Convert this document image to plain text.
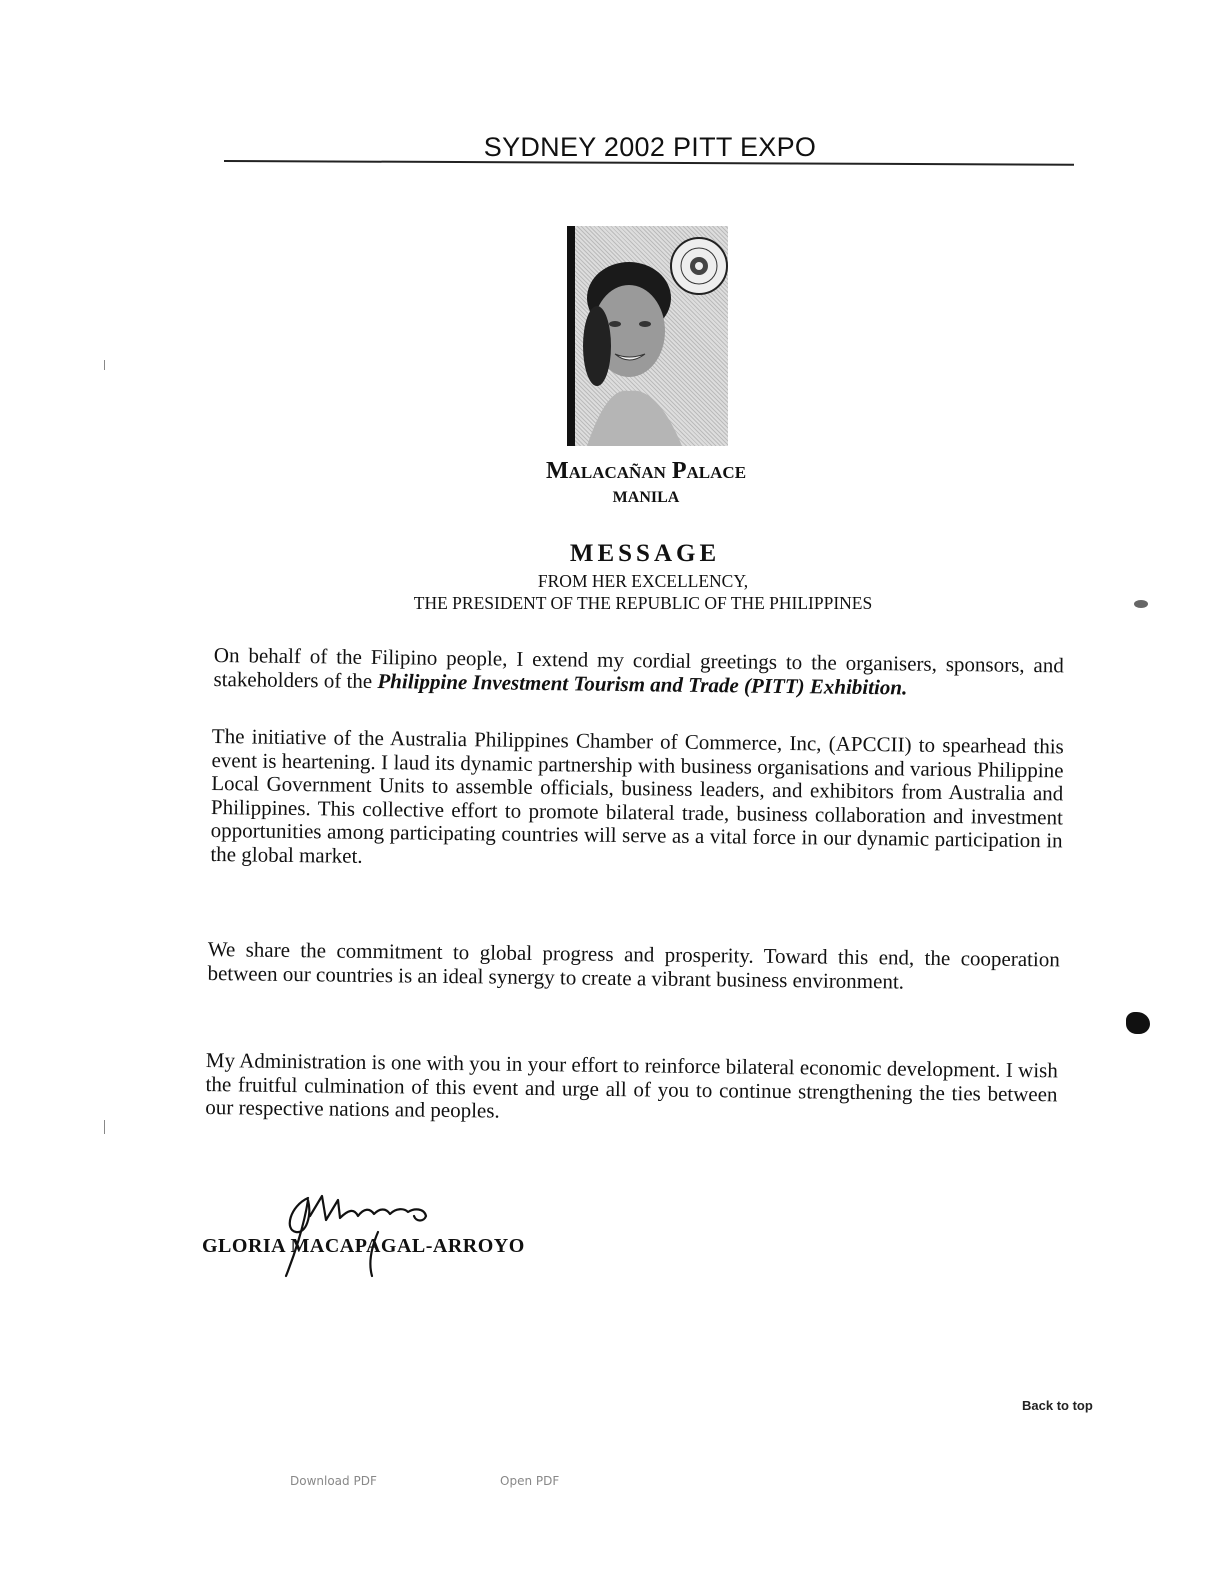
SYDNEY 2002 PITT EXPO
Malacañan Palace
MANILA
MESSAGE
FROM HER EXCELLENCY,
THE PRESIDENT OF THE REPUBLIC OF THE PHILIPPINES
On behalf of the Filipino people, I extend my cordial greetings to the organisers, sponsors, and stakeholders of the Philippine Investment Tourism and Trade (PITT) Exhibition.
The initiative of the Australia Philippines Chamber of Commerce, Inc, (APCCII) to spearhead this event is heartening. I laud its dynamic partnership with business organisations and various Philippine Local Government Units to assemble officials, business leaders, and exhibitors from Australia and Philippines. This collective effort to promote bilateral trade, business collaboration and investment opportunities among participating countries will serve as a vital force in our dynamic participation in the global market.
We share the commitment to global progress and prosperity. Toward this end, the cooperation between our countries is an ideal synergy to create a vibrant business environment.
My Administration is one with you in your effort to reinforce bilateral economic development. I wish the fruitful culmination of this event and urge all of you to continue strengthening the ties between our respective nations and peoples.
GLORIA MACAPAGAL-ARROYO
Back to top
Download PDF	Open PDF
